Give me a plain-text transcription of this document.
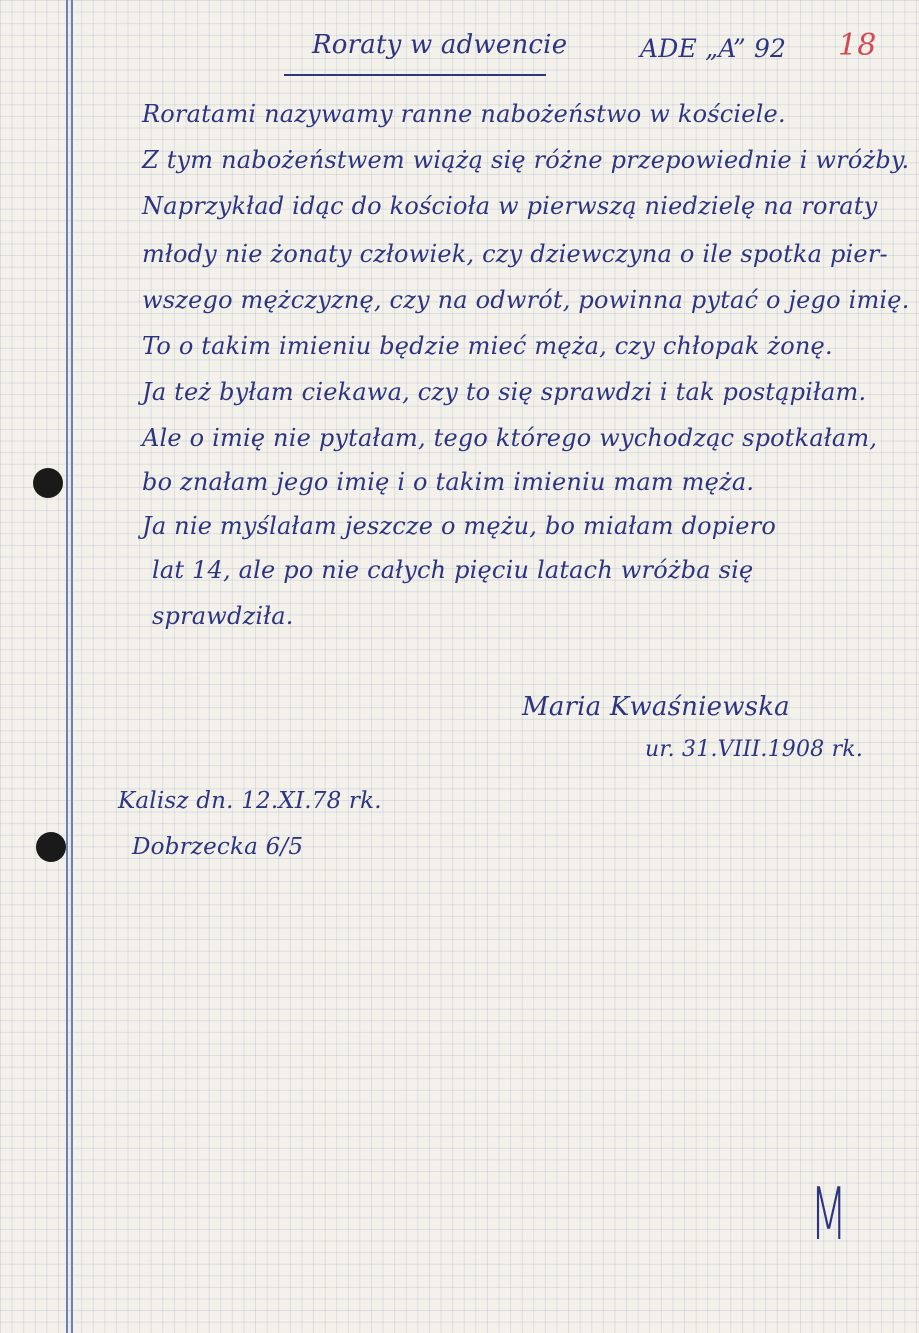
Roraty w adwencie	ADE „A” 92 18
Roratami nazywamy ranne nabożeństwo w kościele.
Z tym nabożeństwem wiążą się różne przepowiednie i wróżby.
Naprzykład idąc do kościoła w pierwszą niedzielę na roraty
młody nie żonaty człowiek, czy dziewczyna o ile spotka pier-
wszego mężczyznę, czy na odwrót, powinna pytać o jego imię.
To o takim imieniu będzie mieć męża, czy chłopak żonę.
Ja też byłam ciekawa, czy to się sprawdzi i tak postąpiłam.
Ale o imię nie pytałam, tego którego wychodząc spotkałam,
bo znałam jego imię i o takim imieniu mam męża.
Ja nie myślałam jeszcze o mężu, bo miałam dopiero
lat 14, ale po nie całych pięciu latach wróżba się
sprawdziła.
Maria Kwaśniewska
ur. 31.VIII.1908 rk.
Kalisz dn. 12.XI.78 rk.
Dobrzecka 6/5
M
